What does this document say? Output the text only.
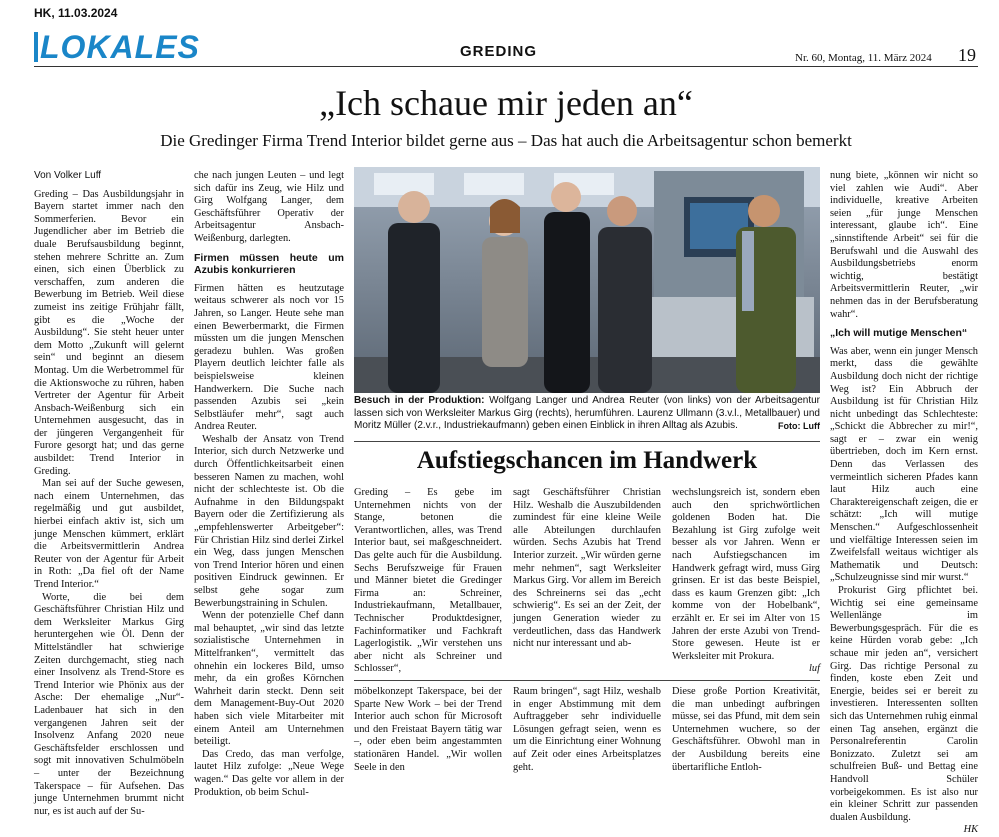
HK, 11.03.2024
LOKALES	GREDING	Nr. 60, Montag, 11. März 2024 19
„Ich schaue mir jeden an“
Die Gredinger Firma Trend Interior bildet gerne aus – Das hat auch die Arbeitsagentur schon bemerkt
Von Volker Luff

Greding – Das Ausbildungsjahr in Bayern startet immer nach den Sommerferien. Bevor ein Jugendlicher aber im Betrieb die duale Berufsausbildung beginnt, stehen mehrere Schritte an. Zum einen, sich einen Überblick zu verschaffen, zum anderen die Bewerbung im Betrieb. Weil diese zumeist ins zeitige Frühjahr fällt, gibt es die „Woche der Ausbildung“. Sie steht heuer unter dem Motto „Zukunft will gelernt sein“ und beginnt an diesem Montag. Um die Werbetrommel für die Aktionswoche zu rühren, haben Vertreter der Agentur für Arbeit Ansbach-Weißenburg sich ein Unternehmen ausgesucht, das in der jüngeren Vergangenheit für Furore gesorgt hat; und das gerne ausbildet: Trend Interior in Greding.

Man sei auf der Suche gewesen, nach einem Unternehmen, das regelmäßig und gut ausbildet, hierbei einfach aktiv ist, sich um junge Menschen kümmert, erklärt die Arbeitsvermittlerin Andrea Reuter von der Agentur für Arbeit in Roth: „Da fiel oft der Name Trend Interior.“

Worte, die bei dem Geschäftsführer Christian Hilz und dem Werksleiter Markus Girg heruntergehen wie Öl. Denn der Mittelständler hat schwierige Zeiten durchgemacht, stieg nach einer Insolvenz als Trend-Store es Trend Interior wie Phönix aus der Asche: Der ehemalige „Nur“-Ladenbauer hat sich in den vergangenen Jahren seit der Insolvenz Anfang 2020 neue Geschäftsfelder erschlossen und sogt mit innovativen Schulmöbeln – unter der Bezeichnung Takerspace – für Aufsehen. Das junge Unternehmen brummt nicht nur, es ist auch auf der Su-

che nach jungen Leuten – und legt sich dafür ins Zeug, wie Hilz und Girg Wolfgang Langer, dem Geschäftsführer Operativ der Arbeitsagentur Ansbach-Weißenburg, darlegten.

Firmen müssen heute um Azubis konkurrieren

Firmen hätten es heutzutage weitaus schwerer als noch vor 15 Jahren, so Langer. Heute sehe man einen Bewerbermarkt, die Firmen müssten um die jungen Menschen geradezu buhlen. Was großen Playern deutlich leichter falle als beispielsweise kleinen Handwerkern. Die Suche nach passenden Azubis sei „kein Selbstläufer mehr“, sagt auch Andrea Reuter.

Weshalb der Ansatz von Trend Interior, sich durch Netzwerke und durch Öffentlichkeitsarbeit einen besseren Namen zu machen, wohl nicht der schlechteste ist. Ob die Aufnahme in den Bildungspakt Bayern oder die Zertifizierung als „empfehlenswerter Arbeitgeber“: Für Christian Hilz sind derlei Zirkel ein Weg, dass jungen Menschen von Trend Interior hören und einen positiven Eindruck gewinnen. Er selbst gehe sogar zum Bewerbungstraining in Schulen.

Wenn der potenzielle Chef dann mal behauptet, „wir sind das letzte sozialistische Unternehmen in Mittelfranken“, vermittelt das ohnehin ein lockeres Bild, umso mehr, da ein großes Körnchen Wahrheit darin steckt. Denn seit dem Management-Buy-Out 2020 haben sich viele Mitarbeiter mit einem Anteil am Unternehmen beteiligt.

Das Credo, das man verfolge, lautet Hilz zufolge: „Neue Wege wagen.“ Das gelte vor allem in der Produktion, ob beim Schul-

Besuch in der Produktion: Wolfgang Langer und Andrea Reuter (von links) von der Arbeitsagentur lassen sich von Werksleiter Markus Girg (rechts), herumführen. Laurenz Ullmann (3.v.l., Metallbauer) und Moritz Müller (2.v.r., Industriekaufmann) geben einen Einblick in ihren Alltag als Azubis.	Foto: Luff
Aufstiegschancen im Handwerk

Greding – Es gebe im Unternehmen nichts von der Stange, betonen die Verantwortlichen, alles, was Trend Interior baut, sei maßgeschneidert. Das gelte auch für die Ausbildung. Sechs Berufszweige für Frauen und Männer bietet die Gredinger Firma an: Schreiner, Industriekaufmann, Metallbauer, Technischer Produktdesigner, Fachinformatiker und Fachkraft Lagerlogistik. „Wir verstehen uns aber nicht als Schreiner und Schlosser“,

sagt Geschäftsführer Christian Hilz. Weshalb die Auszubildenden zumindest für eine kleine Weile alle Abteilungen durchlaufen würden. Sechs Azubis hat Trend Interior zurzeit. „Wir würden gerne mehr nehmen“, sagt Werksleiter Markus Girg. Vor allem im Bereich des Schreinerns sei das „echt schwierig“. Es sei an der Zeit, der jungen Generation wieder zu verdeutlichen, dass das Handwerk nicht nur interessant und ab-

wechslungsreich ist, sondern eben auch den sprichwörtlichen goldenen Boden hat. Die Bezahlung ist Girg zufolge weit besser als vor Jahren. Wenn er nach Aufstiegschancen im Handwerk gefragt wird, muss Girg grinsen. Er ist das beste Beispiel, dass es kaum Grenzen gibt: „Ich komme von der Hobelbank“, erzählt er. Er sei im Alter von 15 Jahren der erste Azubi von Trend-Store gewesen. Heute ist er Werksleiter mit Prokura.

luf

möbelkonzept Takerspace, bei der Sparte New Work – bei der Trend Interior auch schon für Microsoft und den Freistaat Bayern tätig war –, oder eben beim angestammten stationären Handel. „Wir wollen Seele in den

Raum bringen“, sagt Hilz, weshalb in enger Abstimmung mit dem Auftraggeber sehr individuelle Lösungen gefragt seien, wenn es um die Einrichtung einer Wohnung auf Zeit oder eines Arbeitsplatzes geht.

Diese große Portion Kreativität, die man unbedingt aufbringen müsse, sei das Pfund, mit dem sein Unternehmen wuchere, so der Geschäftsführer. Obwohl man in der Ausbildung bereits eine übertarifliche Entloh-

nung biete, „können wir nicht so viel zahlen wie Audi“. Aber individuelle, kreative Arbeiten seien „für junge Menschen interessant, glaube ich“. Eine „sinnstiftende Arbeit“ sei für die Berufswahl und die Auswahl des Ausbildungsbetriebs enorm wichtig, bestätigt Arbeitsvermittlerin Reuter, „wir nehmen das in der Berufsberatung wahr“.

„Ich will mutige Menschen“

Was aber, wenn ein junger Mensch merkt, dass die gewählte Ausbildung doch nicht der richtige Weg ist? Ein Abbruch der Ausbildung ist für Christian Hilz nicht unbedingt das Schlechteste: „Schickt die Abbrecher zu mir!“, sagt er – zwar ein wenig übertrieben, doch im Kern ernst. Denn das Verlassen des vermeintlich sicheren Pfades kann laut Hilz auch eine Charaktereigenschaft zeigen, die er schätzt: „Ich will mutige Menschen.“ Aufgeschlossenheit und vielfältige Interessen seien im Zweifelsfall weitaus wichtiger als Mathematik und Deutsch: „Schulzeugnisse sind mir wurst.“

Prokurist Girg pflichtet bei. Wichtig sei eine gemeinsame Wellenlänge im Bewerbungsgespräch. Für die es keine Hürden vorab gebe: „Ich schaue mir jeden an“, versichert Girg. Das richtige Personal zu finden, koste eben Zeit und Energie, beides sei er bereit zu investieren. Interessenten sollten sich das Unternehmen ruhig einmal einen Tag ansehen, ergänzt die Personalreferentin Carolin Bonizzato. Zuletzt sei am schulfreien Buß- und Bettag eine Handvoll Schüler vorbeigekommen. Es ist also nur ein kleiner Schritt zur passenden dualen Ausbildung.

HK
